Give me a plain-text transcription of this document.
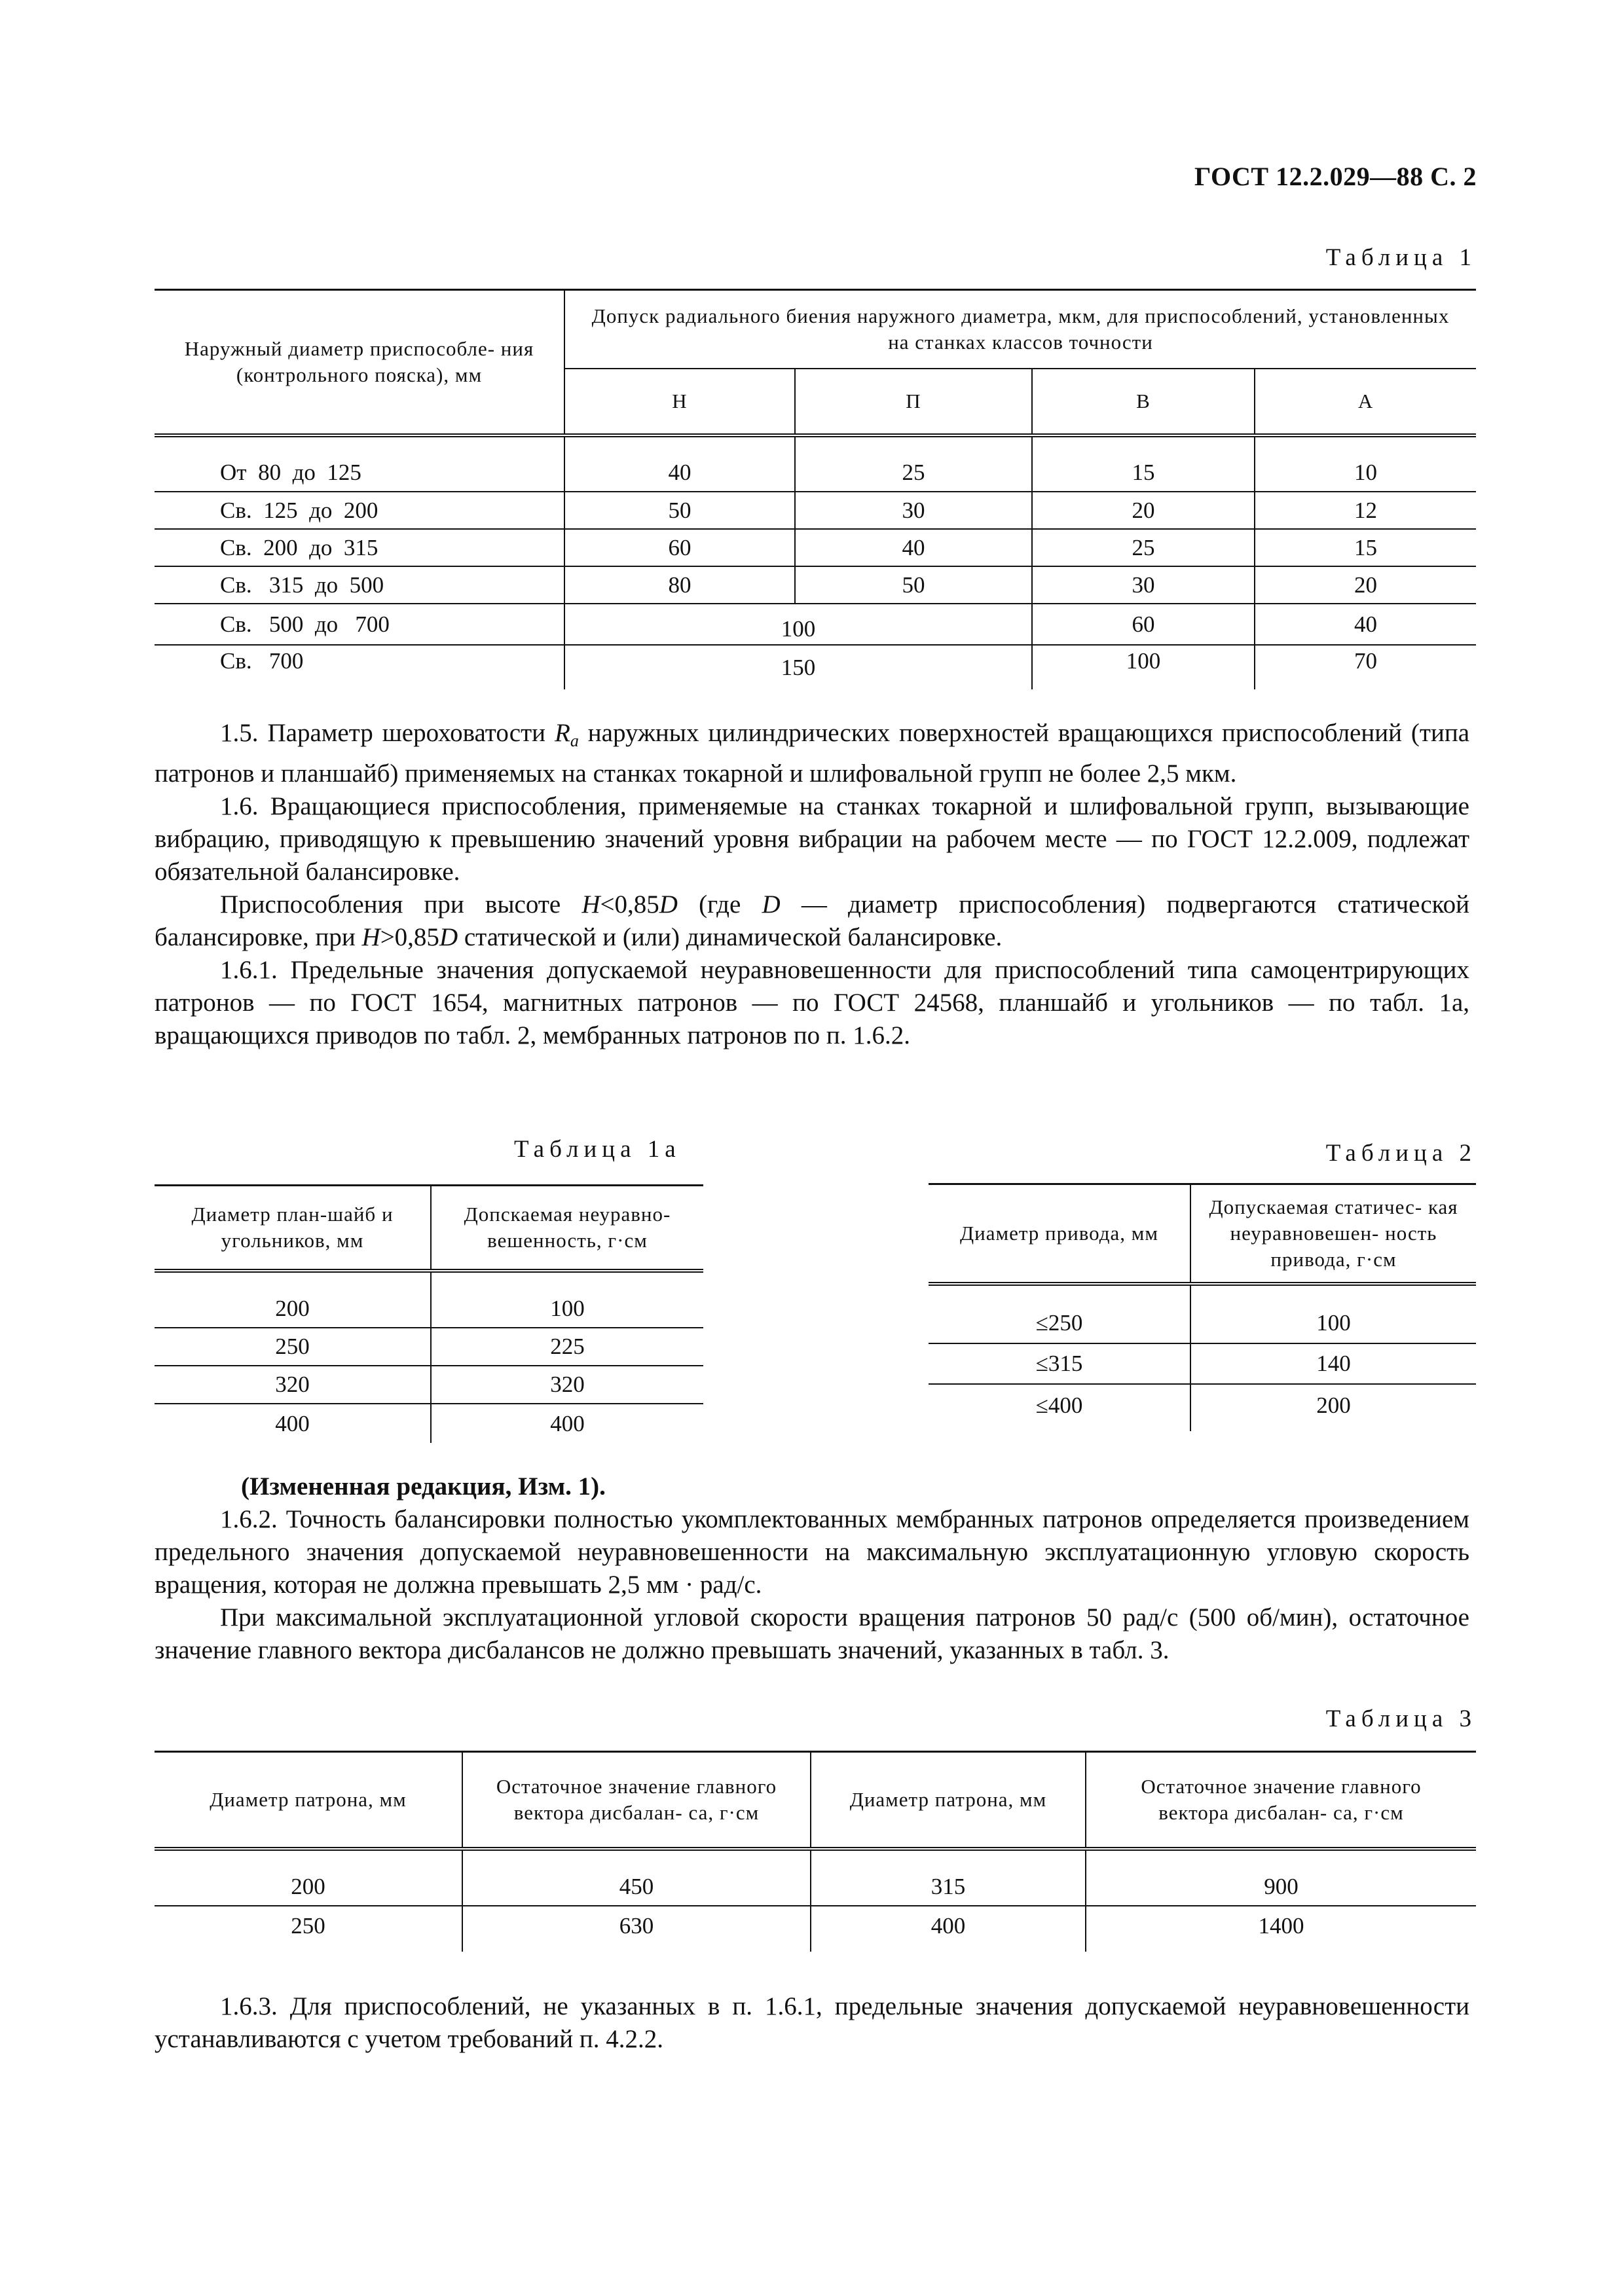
ГОСТ 12.2.029—88 С. 2
Таблица 1
Наружный диаметр приспособле- ния (контрольного пояска), мм	Допуск радиального биения наружного диаметра, мкм, для приспособлений, установленных на станках классов точности			
	Н	П	В	А

От  80  до  125	40	25	15	10
Св.  125  до  200	50	30	20	12
Св.  200  до  315	60	40	25	15
Св.   315  до  500	80	50	30	20
Св.   500  до   700	100		60	40
Св.   700	150		100	70

1.5. Параметр шероховатости $R_a$ наружных цилиндрических поверхностей вращающихся приспособлений (типа патронов и планшайб) применяемых на станках токарной и шлифовальной групп не более 2,5 мкм.

1.6. Вращающиеся приспособления, применяемые на станках токарной и шлифовальной групп, вызывающие вибрацию, приводящую к превышению значений уровня вибрации на рабочем месте — по ГОСТ 12.2.009, подлежат обязательной балансировке.

Приспособления при высоте H<0,85D (где D — диаметр приспособления) подвергаются статической балансировке, при H>0,85D статической и (или) динамической балансировке.

1.6.1. Предельные значения допускаемой неуравновешенности для приспособлений типа самоцентрирующих патронов — по ГОСТ 1654, магнитных патронов — по ГОСТ 24568, планшайб и угольников — по табл. 1а, вращающихся приводов по табл. 2, мембранных патронов по п. 1.6.2.

Таблица 1а
Диаметр план-шайб и угольников, мм	Допскаемая неуравно- вешенность, г·см

200	100
250	225
320	320
400	400
Таблица 2
Диаметр привода, мм	Допускаемая статичес- кая неуравновешен- ность привода, г·см

≤250	100
≤315	140
≤400	200

(Измененная редакция, Изм. 1).

1.6.2. Точность балансировки полностью укомплектованных мембранных патронов определяется произведением предельного значения допускаемой неуравновешенности на максимальную эксплуатационную угловую скорость вращения, которая не должна превышать 2,5 мм · рад/с.

При максимальной эксплуатационной угловой скорости вращения патронов 50 рад/с (500 об/мин), остаточное значение главного вектора дисбалансов не должно превышать значений, указанных в табл. 3.

Таблица 3
Диаметр патрона, мм	Остаточное значение главного вектора дисбалан- са, г·см	Диаметр патрона, мм	Остаточное значение главного вектора дисбалан- са, г·см

200	450	315	900
250	630	400	1400

1.6.3. Для приспособлений, не указанных в п. 1.6.1, предельные значения допускаемой неуравновешенности устанавливаются с учетом требований п. 4.2.2.
